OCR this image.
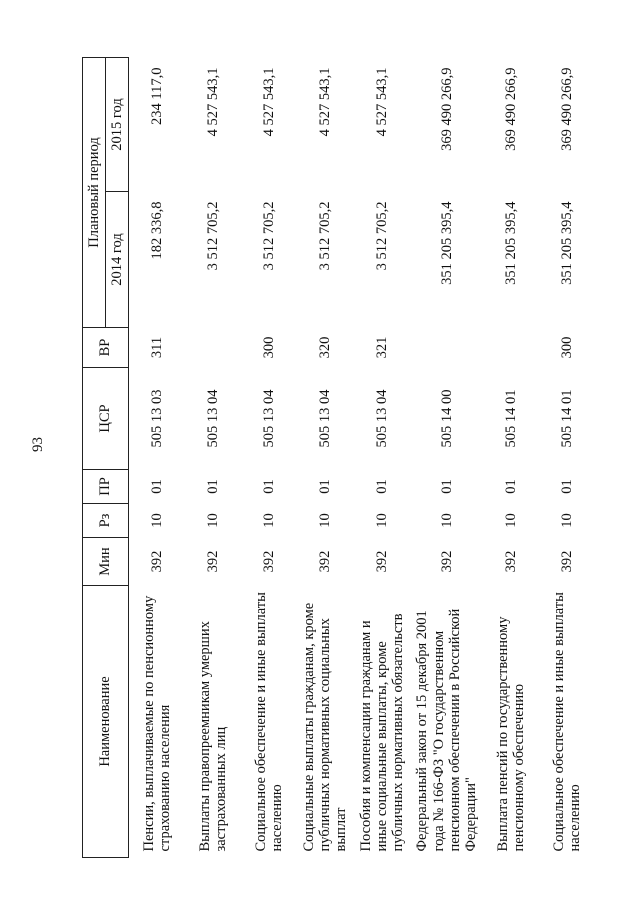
93
Наименование	Мин	Рз	ПР	ЦСР	ВР	Плановый период	
						2014 год	2015 год
Пенсии, выплачиваемые по пенсионному страхованию населения	392	10	01	505 13 03	311	182 336,8	234 117,0
Выплаты правопреемникам умерших застрахованных лиц	392	10	01	505 13 04		3 512 705,2	4 527 543,1
Социальное обеспечение и иные выплаты населению	392	10	01	505 13 04	300	3 512 705,2	4 527 543,1
Социальные выплаты гражданам, кроме публичных нормативных социальных выплат	392	10	01	505 13 04	320	3 512 705,2	4 527 543,1
Пособия и компенсации гражданам и иные социальные выплаты, кроме публичных нормативных обязательств	392	10	01	505 13 04	321	3 512 705,2	4 527 543,1
Федеральный закон от 15 декабря 2001 года № 166-ФЗ "О государственном пенсионном обеспечении в Российской Федерации"	392	10	01	505 14 00		351 205 395,4	369 490 266,9
Выплата пенсий по государственному пенсионному обеспечению	392	10	01	505 14 01		351 205 395,4	369 490 266,9
Социальное обеспечение и иные выплаты населению	392	10	01	505 14 01	300	351 205 395,4	369 490 266,9
